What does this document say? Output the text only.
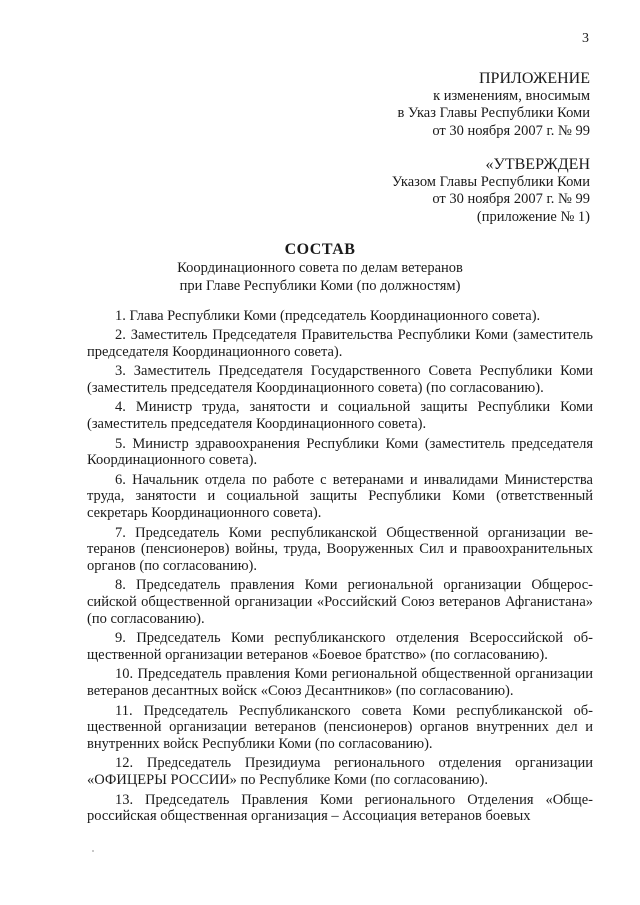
3
ПРИЛОЖЕНИЕ
к изменениям, вносимым
в Указ Главы Республики Коми
от 30 ноября 2007 г. № 99
«УТВЕРЖДЕН
Указом Главы Республики Коми
от 30 ноября 2007 г. № 99
(приложение № 1)
СОСТАВ
Координационного совета по делам ветеранов
при Главе Республики Коми (по должностям)

1. Глава Республики Коми (председатель Координационного совета).

2. Заместитель Председателя Правительства Республики Коми (заместитель председателя Координационного совета).

3. Заместитель Председателя Государственного Совета Республики Коми (заместитель председателя Координационного совета) (по согласованию).

4. Министр труда, занятости и социальной защиты Республики Коми (заместитель председателя Координационного совета).

5. Министр здравоохранения Республики Коми (заместитель председателя Координационного совета).

6. Начальник отдела по работе с ветеранами и инвалидами Министерства труда, занятости и социальной защиты Республики Коми (ответственный секретарь Координационного совета).

7. Председатель Коми республиканской Общественной организации ветеранов (пенсионеров) войны, труда, Вооруженных Сил и правоохранительных органов (по согласованию).

8. Председатель правления Коми региональной организации Общероссийской общественной организации «Российский Союз ветеранов Афганистана» (по согласованию).

9. Председатель Коми республиканского отделения Всероссийской общественной организации ветеранов «Боевое братство» (по согласованию).

10. Председатель правления Коми региональной общественной организации ветеранов десантных войск «Союз Десантников» (по согласованию).

11. Председатель Республиканского совета Коми республиканской общественной организации ветеранов (пенсионеров) органов внутренних дел и внутренних войск Республики Коми (по согласованию).

12. Председатель Президиума регионального отделения организации «ОФИЦЕРЫ РОССИИ» по Республике Коми (по согласованию).

13. Председатель Правления Коми регионального Отделения «Общероссийская общественная организация – Ассоциация ветеранов боевых
